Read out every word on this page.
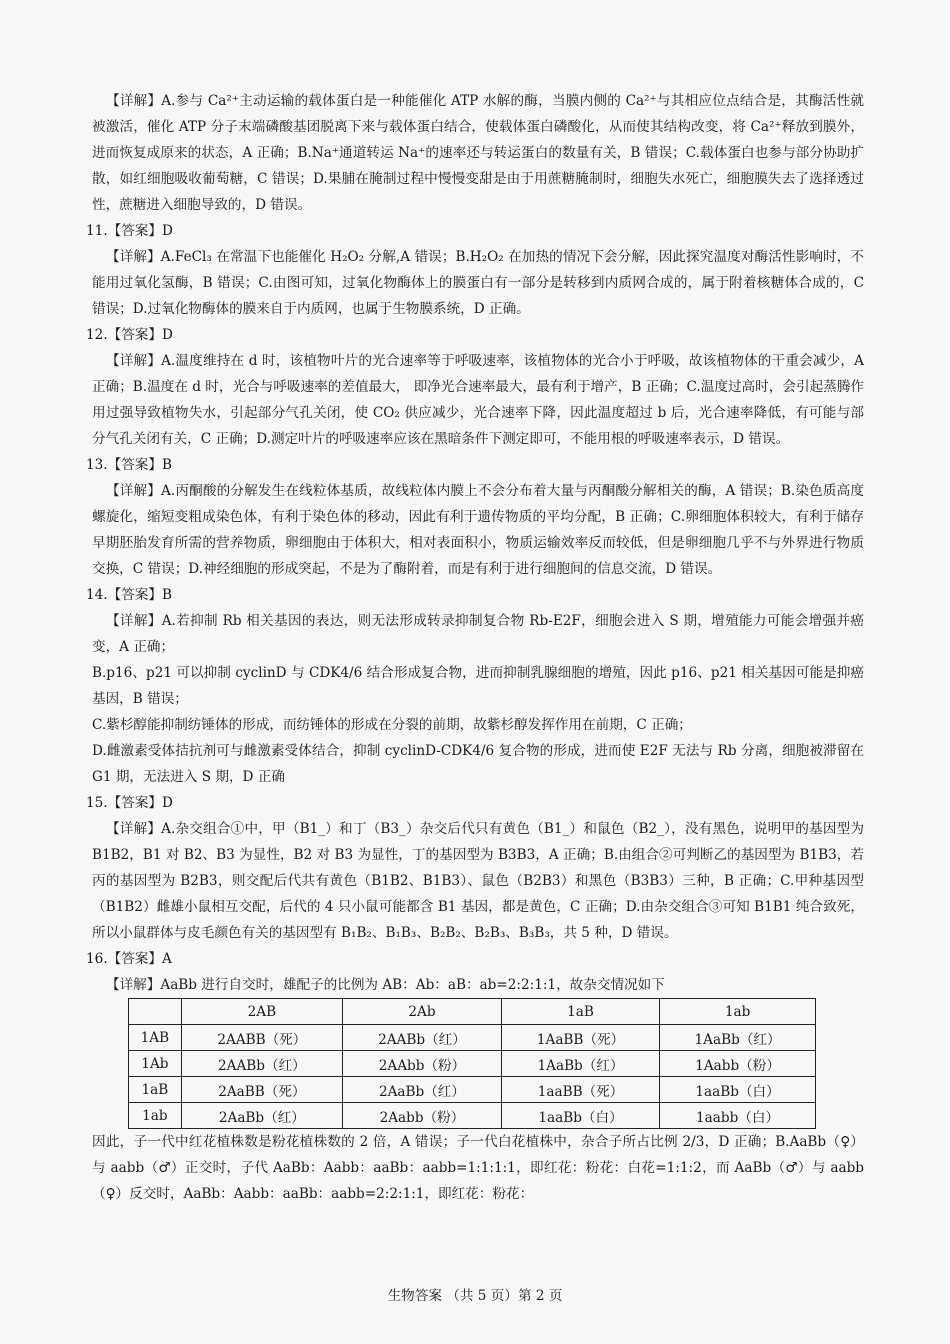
【详解】A.参与 Ca²⁺主动运输的载体蛋白是一种能催化 ATP 水解的酶，当膜内侧的 Ca²⁺与其相应位点结合是，其酶活性就被激活，催化 ATP 分子末端磷酸基团脱离下来与载体蛋白结合，使载体蛋白磷酸化，从而使其结构改变，将 Ca²⁺释放到膜外，进而恢复成原来的状态，A 正确；B.Na⁺通道转运 Na⁺的速率还与转运蛋白的数量有关，B 错误；C.载体蛋白也参与部分协助扩散，如红细胞吸收葡萄糖，C 错误；D.果脯在腌制过程中慢慢变甜是由于用蔗糖腌制时，细胞失水死亡，细胞膜失去了选择透过性，蔗糖进入细胞导致的，D 错误。

11.【答案】D

【详解】A.FeCl₃ 在常温下也能催化 H₂O₂ 分解,A 错误；B.H₂O₂ 在加热的情况下会分解，因此探究温度对酶活性影响时，不能用过氧化氢酶，B 错误；C.由图可知，过氧化物酶体上的膜蛋白有一部分是转移到内质网合成的，属于附着核糖体合成的，C 错误；D.过氧化物酶体的膜来自于内质网，也属于生物膜系统，D 正确。

12.【答案】D

【详解】A.温度维持在 d 时，该植物叶片的光合速率等于呼吸速率，该植物体的光合小于呼吸，故该植物体的干重会减少，A 正确；B.温度在 d 时，光合与呼吸速率的差值最大， 即净光合速率最大，最有利于增产，B 正确；C.温度过高时，会引起蒸腾作用过强导致植物失水，引起部分气孔关闭，使 CO₂ 供应减少，光合速率下降，因此温度超过 b 后，光合速率降低，有可能与部分气孔关闭有关，C 正确；D.测定叶片的呼吸速率应该在黑暗条件下测定即可，不能用根的呼吸速率表示，D 错误。

13.【答案】B

【详解】A.丙酮酸的分解发生在线粒体基质，故线粒体内膜上不会分布着大量与丙酮酸分解相关的酶，A 错误；B.染色质高度螺旋化，缩短变粗成染色体，有利于染色体的移动，因此有利于遗传物质的平均分配，B 正确；C.卵细胞体积较大，有利于储存早期胚胎发育所需的营养物质，卵细胞由于体积大，相对表面积小，物质运输效率反而较低，但是卵细胞几乎不与外界进行物质交换，C 错误；D.神经细胞的形成突起，不是为了酶附着，而是有利于进行细胞间的信息交流，D 错误。

14.【答案】B

【详解】A.若抑制 Rb 相关基因的表达，则无法形成转录抑制复合物 Rb-E2F，细胞会进入 S 期，增殖能力可能会增强并癌变，A 正确；

B.p16、p21 可以抑制 cyclinD 与 CDK4/6 结合形成复合物，进而抑制乳腺细胞的增殖，因此 p16、p21 相关基因可能是抑癌基因，B 错误；

C.紫杉醇能抑制纺锤体的形成，而纺锤体的形成在分裂的前期，故紫杉醇发挥作用在前期，C 正确；

D.雌激素受体拮抗剂可与雌激素受体结合，抑制 cyclinD-CDK4/6 复合物的形成，进而使 E2F 无法与 Rb 分离，细胞被滞留在 G1 期，无法进入 S 期，D 正确

15.【答案】D

【详解】A.杂交组合①中，甲（B1_）和丁（B3_）杂交后代只有黄色（B1_）和鼠色（B2_），没有黑色，说明甲的基因型为 B1B2，B1 对 B2、B3 为显性，B2 对 B3 为显性，丁的基因型为 B3B3，A 正确；B.由组合②可判断乙的基因型为 B1B3，若丙的基因型为 B2B3，则交配后代共有黄色（B1B2、B1B3）、鼠色（B2B3）和黑色（B3B3）三种，B 正确；C.甲种基因型（B1B2）雌雄小鼠相互交配，后代的 4 只小鼠可能都含 B1 基因，都是黄色，C 正确；D.由杂交组合③可知 B1B1 纯合致死，所以小鼠群体与皮毛颜色有关的基因型有 B₁B₂、B₁B₃、B₂B₂、B₂B₃、B₃B₃，共 5 种，D 错误。

16.【答案】A

【详解】AaBb 进行自交时，雄配子的比例为 AB：Ab：aB：ab=2:2:1:1，故杂交情况如下

	2AB	2Ab	1aB	1ab
1AB	2AABB（死）	2AABb（红）	1AaBB（死）	1AaBb（红）
1Ab	2AABb（红）	2AAbb（粉）	1AaBb（红）	1Aabb（粉）
1aB	2AaBB（死）	2AaBb（红）	1aaBB（死）	1aaBb（白）
1ab	2AaBb（红）	2Aabb（粉）	1aaBb（白）	1aabb（白）

因此，子一代中红花植株数是粉花植株数的 2 倍，A 错误；子一代白花植株中，杂合子所占比例 2/3，D 正确；B.AaBb（♀）与 aabb（♂）正交时，子代 AaBb：Aabb：aaBb：aabb=1:1:1:1，即红花：粉花：白花=1:1:2，而 AaBb（♂）与 aabb（♀）反交时，AaBb：Aabb：aaBb：aabb=2:2:1:1，即红花：粉花：

生物答案 （共 5 页）第 2 页
